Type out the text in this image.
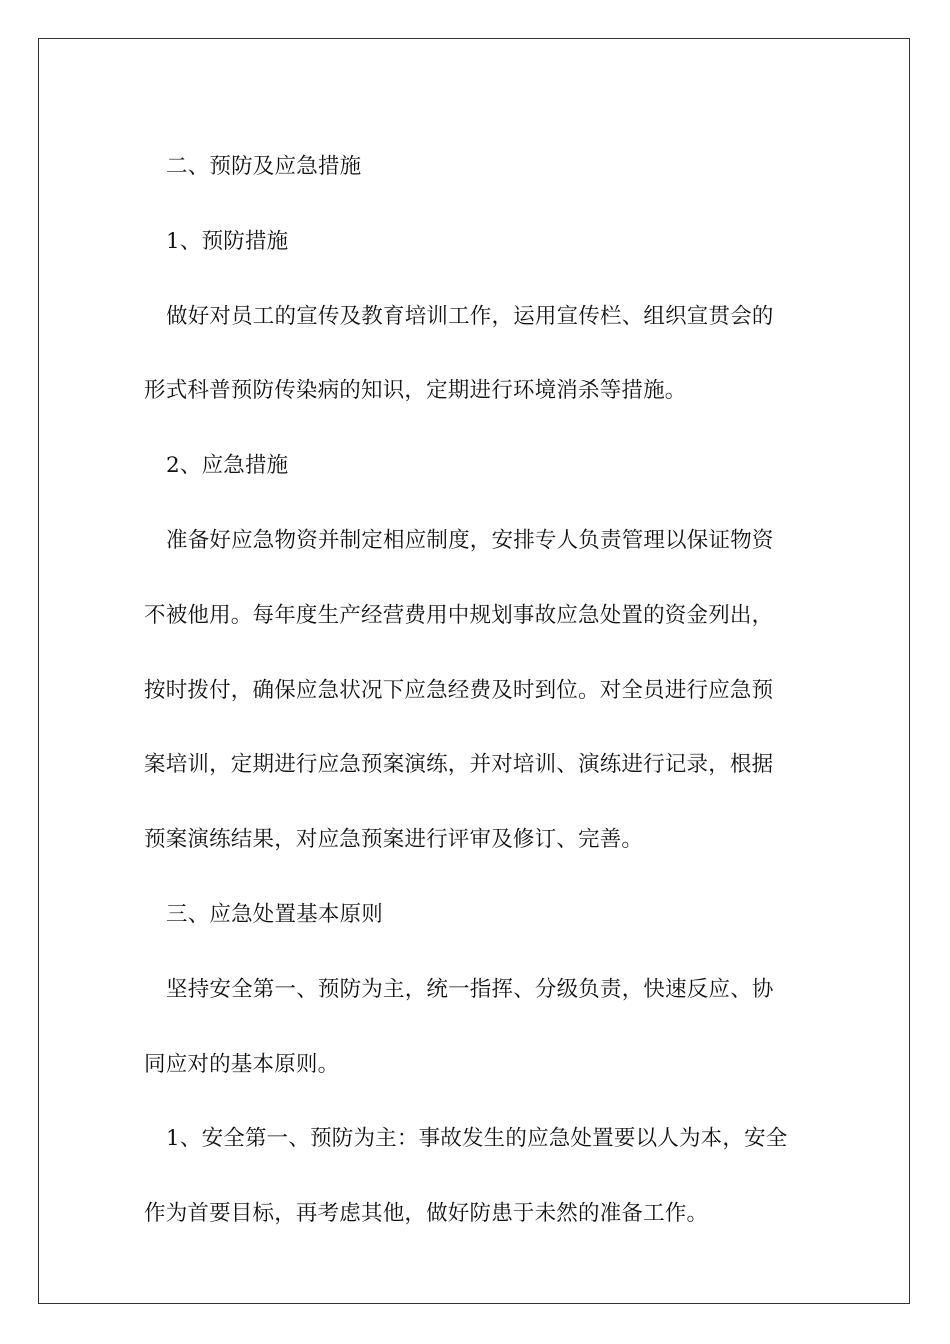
二、预防及应急措施
1、预防措施
做好对员工的宣传及教育培训工作，运用宣传栏、组织宣贯会的
形式科普预防传染病的知识，定期进行环境消杀等措施。
2、应急措施
准备好应急物资并制定相应制度，安排专人负责管理以保证物资
不被他用。每年度生产经营费用中规划事故应急处置的资金列出，
按时拨付，确保应急状况下应急经费及时到位。对全员进行应急预
案培训，定期进行应急预案演练，并对培训、演练进行记录，根据
预案演练结果，对应急预案进行评审及修订、完善。
三、应急处置基本原则
坚持安全第一、预防为主，统一指挥、分级负责，快速反应、协
同应对的基本原则。
1、安全第一、预防为主：事故发生的应急处置要以人为本，安全
作为首要目标，再考虑其他，做好防患于未然的准备工作。
